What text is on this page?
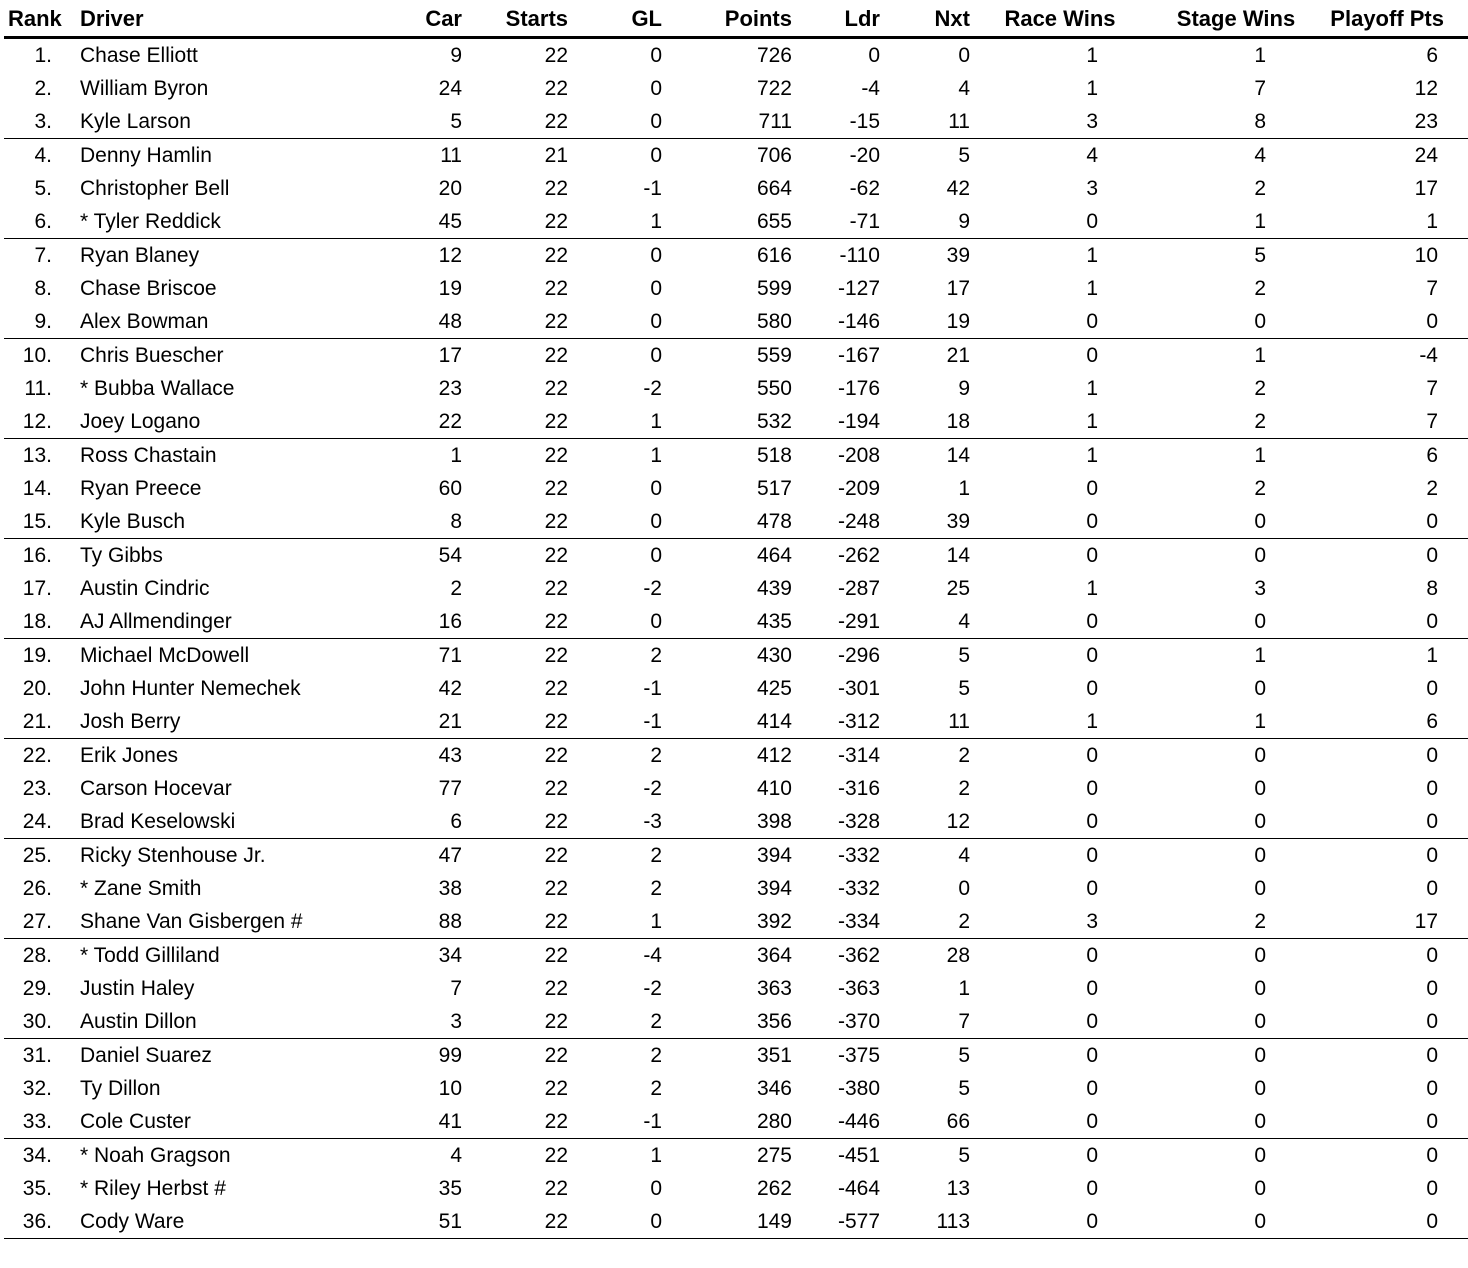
Rank	Driver	Car	Starts	GL	Points	Ldr	Nxt	Race Wins	Stage Wins	Playoff Pts
1.	Chase Elliott	9	22	0	726	0	0	1	1	6
2.	William Byron	24	22	0	722	-4	4	1	7	12
3.	Kyle Larson	5	22	0	711	-15	11	3	8	23
4.	Denny Hamlin	11	21	0	706	-20	5	4	4	24
5.	Christopher Bell	20	22	-1	664	-62	42	3	2	17
6.	* Tyler Reddick	45	22	1	655	-71	9	0	1	1
7.	Ryan Blaney	12	22	0	616	-110	39	1	5	10
8.	Chase Briscoe	19	22	0	599	-127	17	1	2	7
9.	Alex Bowman	48	22	0	580	-146	19	0	0	0
10.	Chris Buescher	17	22	0	559	-167	21	0	1	-4
11.	* Bubba Wallace	23	22	-2	550	-176	9	1	2	7
12.	Joey Logano	22	22	1	532	-194	18	1	2	7
13.	Ross Chastain	1	22	1	518	-208	14	1	1	6
14.	Ryan Preece	60	22	0	517	-209	1	0	2	2
15.	Kyle Busch	8	22	0	478	-248	39	0	0	0
16.	Ty Gibbs	54	22	0	464	-262	14	0	0	0
17.	Austin Cindric	2	22	-2	439	-287	25	1	3	8
18.	AJ Allmendinger	16	22	0	435	-291	4	0	0	0
19.	Michael McDowell	71	22	2	430	-296	5	0	1	1
20.	John Hunter Nemechek	42	22	-1	425	-301	5	0	0	0
21.	Josh Berry	21	22	-1	414	-312	11	1	1	6
22.	Erik Jones	43	22	2	412	-314	2	0	0	0
23.	Carson Hocevar	77	22	-2	410	-316	2	0	0	0
24.	Brad Keselowski	6	22	-3	398	-328	12	0	0	0
25.	Ricky Stenhouse Jr.	47	22	2	394	-332	4	0	0	0
26.	* Zane Smith	38	22	2	394	-332	0	0	0	0
27.	Shane Van Gisbergen #	88	22	1	392	-334	2	3	2	17
28.	* Todd Gilliland	34	22	-4	364	-362	28	0	0	0
29.	Justin Haley	7	22	-2	363	-363	1	0	0	0
30.	Austin Dillon	3	22	2	356	-370	7	0	0	0
31.	Daniel Suarez	99	22	2	351	-375	5	0	0	0
32.	Ty Dillon	10	22	2	346	-380	5	0	0	0
33.	Cole Custer	41	22	-1	280	-446	66	0	0	0
34.	* Noah Gragson	4	22	1	275	-451	5	0	0	0
35.	* Riley Herbst #	35	22	0	262	-464	13	0	0	0
36.	Cody Ware	51	22	0	149	-577	113	0	0	0
